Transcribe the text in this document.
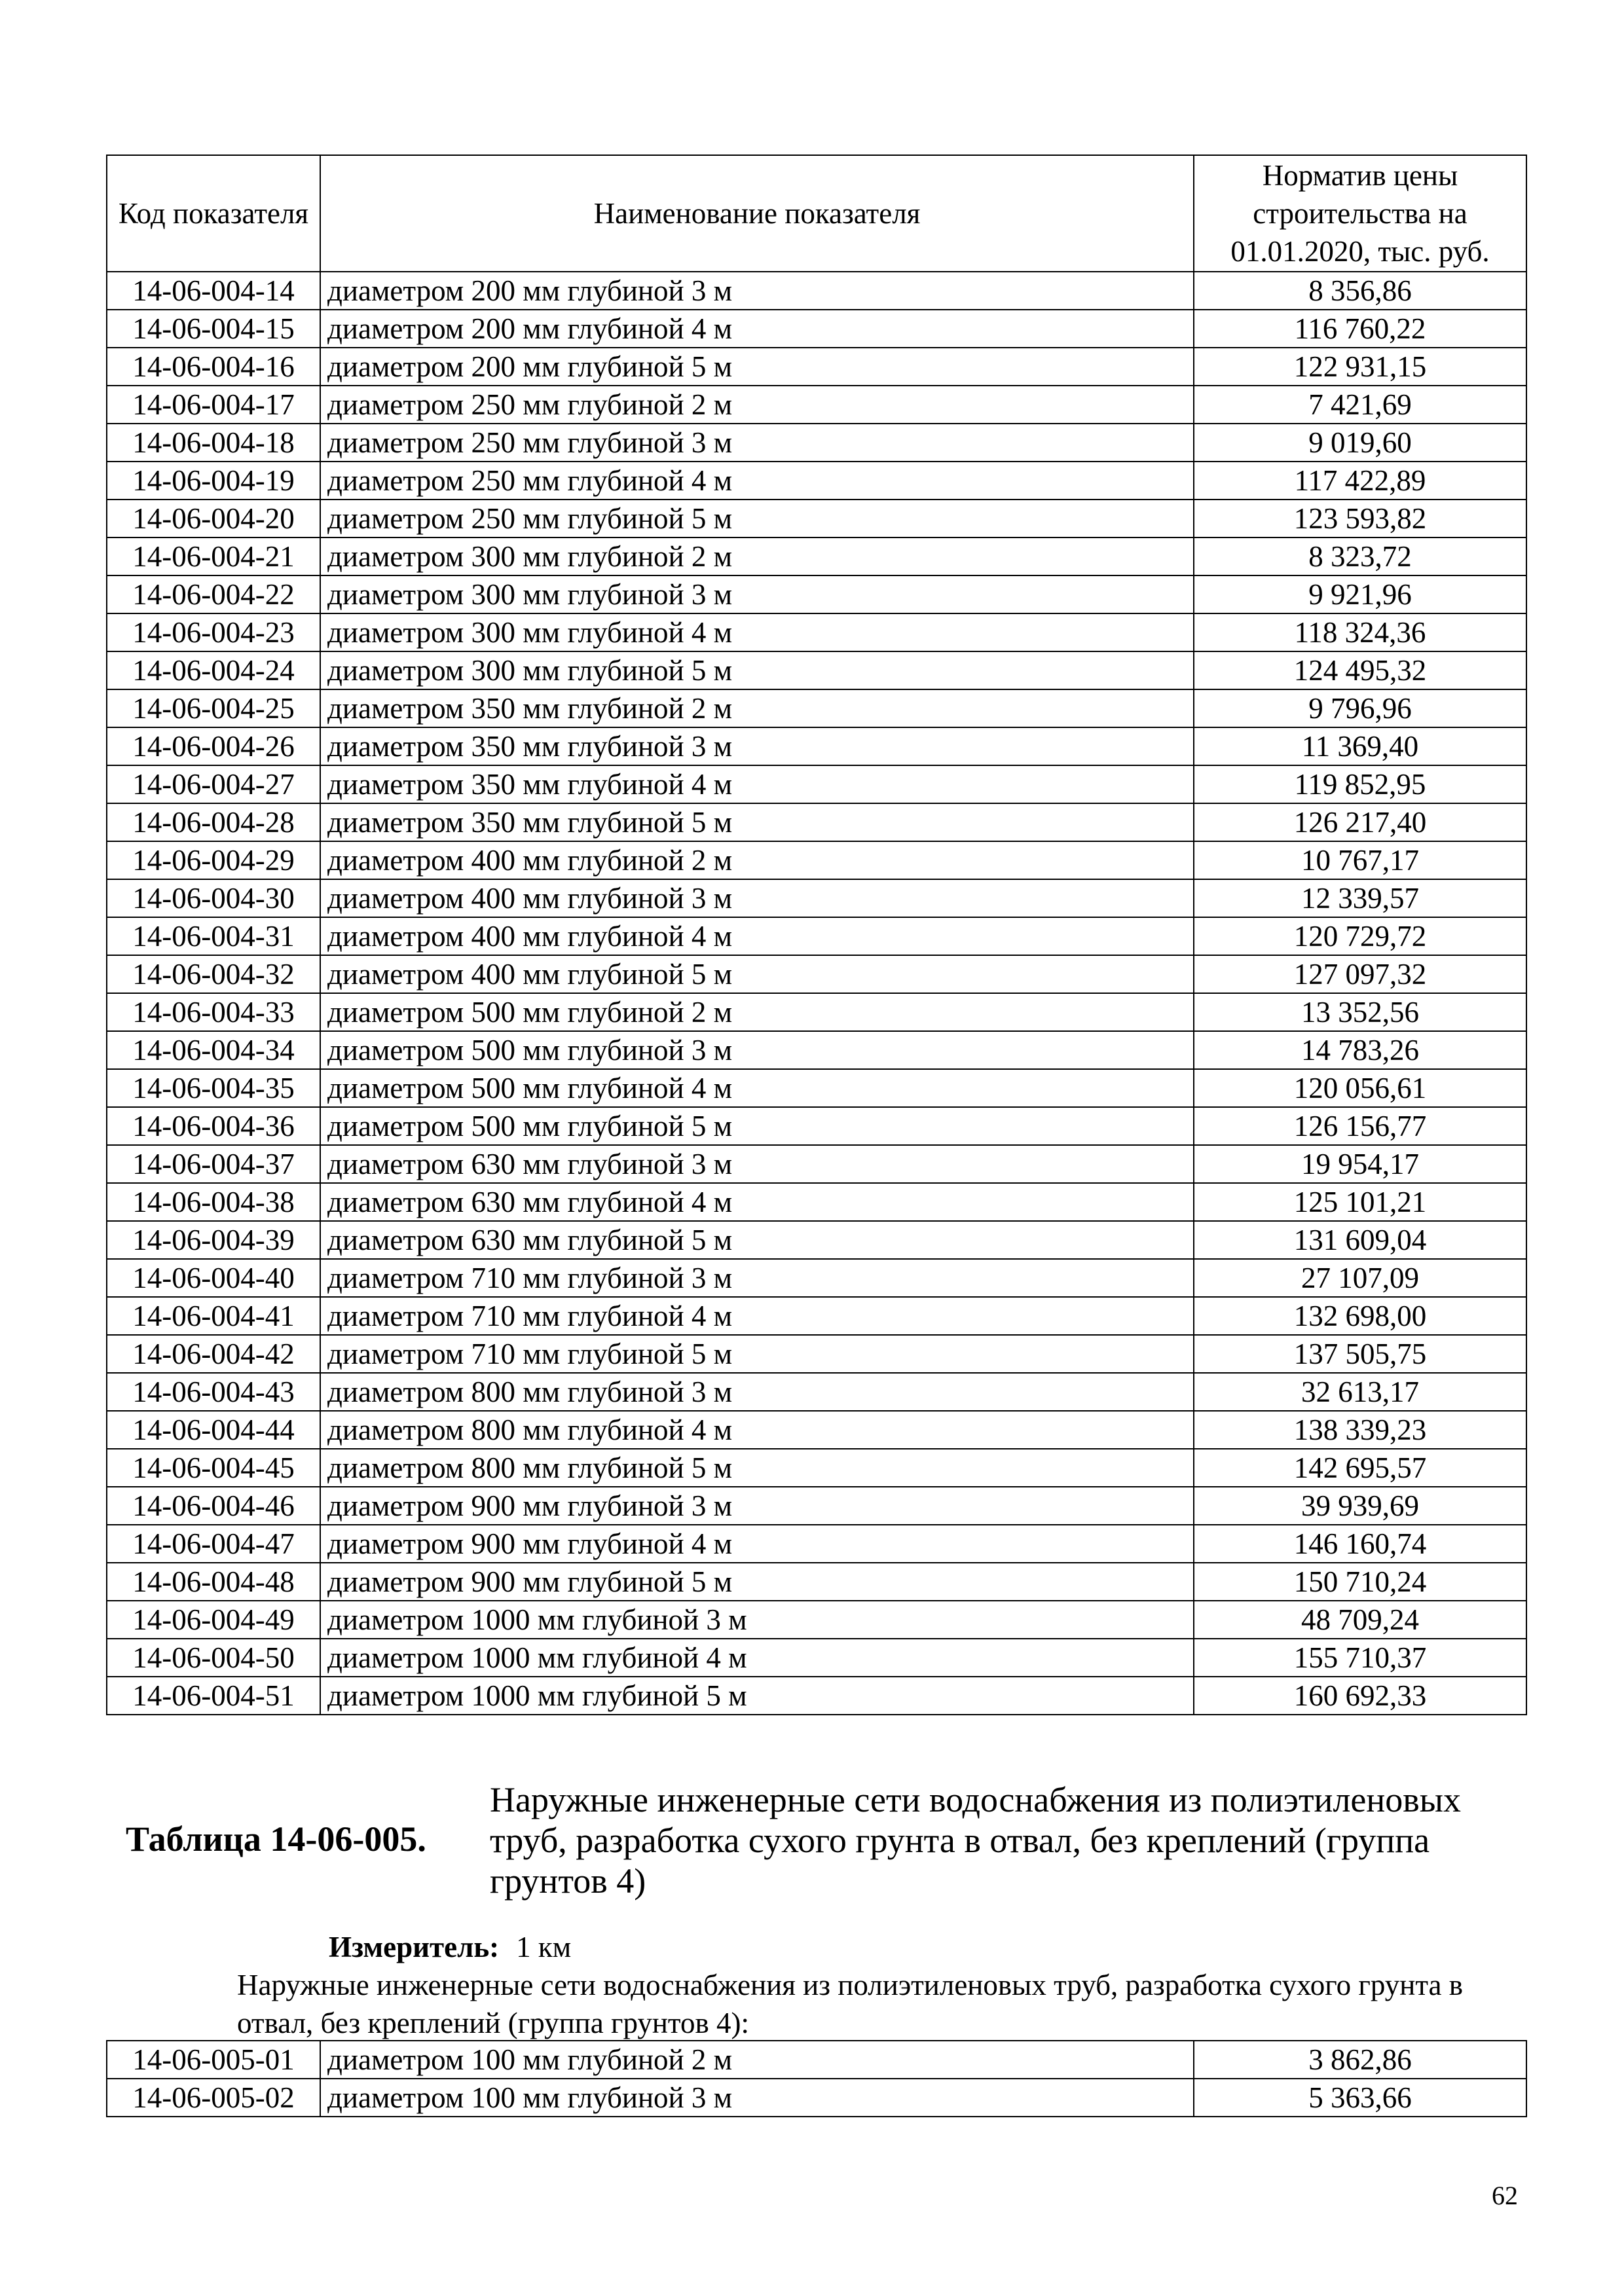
Код показателя	Наименование показателя	Норматив цены строительства на 01.01.2020, тыс. руб.
14-06-004-14	диаметром 200 мм глубиной 3 м	8 356,86
14-06-004-15	диаметром 200 мм глубиной 4 м	116 760,22
14-06-004-16	диаметром 200 мм глубиной 5 м	122 931,15
14-06-004-17	диаметром 250 мм глубиной 2 м	7 421,69
14-06-004-18	диаметром 250 мм глубиной 3 м	9 019,60
14-06-004-19	диаметром 250 мм глубиной 4 м	117 422,89
14-06-004-20	диаметром 250 мм глубиной 5 м	123 593,82
14-06-004-21	диаметром 300 мм глубиной 2 м	8 323,72
14-06-004-22	диаметром 300 мм глубиной 3 м	9 921,96
14-06-004-23	диаметром 300 мм глубиной 4 м	118 324,36
14-06-004-24	диаметром 300 мм глубиной 5 м	124 495,32
14-06-004-25	диаметром 350 мм глубиной 2 м	9 796,96
14-06-004-26	диаметром 350 мм глубиной 3 м	11 369,40
14-06-004-27	диаметром 350 мм глубиной 4 м	119 852,95
14-06-004-28	диаметром 350 мм глубиной 5 м	126 217,40
14-06-004-29	диаметром 400 мм глубиной 2 м	10 767,17
14-06-004-30	диаметром 400 мм глубиной 3 м	12 339,57
14-06-004-31	диаметром 400 мм глубиной 4 м	120 729,72
14-06-004-32	диаметром 400 мм глубиной 5 м	127 097,32
14-06-004-33	диаметром 500 мм глубиной 2 м	13 352,56
14-06-004-34	диаметром 500 мм глубиной 3 м	14 783,26
14-06-004-35	диаметром 500 мм глубиной 4 м	120 056,61
14-06-004-36	диаметром 500 мм глубиной 5 м	126 156,77
14-06-004-37	диаметром 630 мм глубиной 3 м	19 954,17
14-06-004-38	диаметром 630 мм глубиной 4 м	125 101,21
14-06-004-39	диаметром 630 мм глубиной 5 м	131 609,04
14-06-004-40	диаметром 710 мм глубиной 3 м	27 107,09
14-06-004-41	диаметром 710 мм глубиной 4 м	132 698,00
14-06-004-42	диаметром 710 мм глубиной 5 м	137 505,75
14-06-004-43	диаметром 800 мм глубиной 3 м	32 613,17
14-06-004-44	диаметром 800 мм глубиной 4 м	138 339,23
14-06-004-45	диаметром 800 мм глубиной 5 м	142 695,57
14-06-004-46	диаметром 900 мм глубиной 3 м	39 939,69
14-06-004-47	диаметром 900 мм глубиной 4 м	146 160,74
14-06-004-48	диаметром 900 мм глубиной 5 м	150 710,24
14-06-004-49	диаметром 1000 мм глубиной 3 м	48 709,24
14-06-004-50	диаметром 1000 мм глубиной 4 м	155 710,37
14-06-004-51	диаметром 1000 мм глубиной 5 м	160 692,33
Таблица 14-06-005.
Наружные инженерные сети водоснабжения из полиэтиленовых труб, разработка сухого грунта в отвал, без креплений (группа грунтов 4)
Измеритель: 1 км
Наружные инженерные сети водоснабжения из полиэтиленовых труб, разработка сухого грунта в отвал, без креплений (группа грунтов 4):
14-06-005-01	диаметром 100 мм глубиной 2 м	3 862,86
14-06-005-02	диаметром 100 мм глубиной 3 м	5 363,66
62
